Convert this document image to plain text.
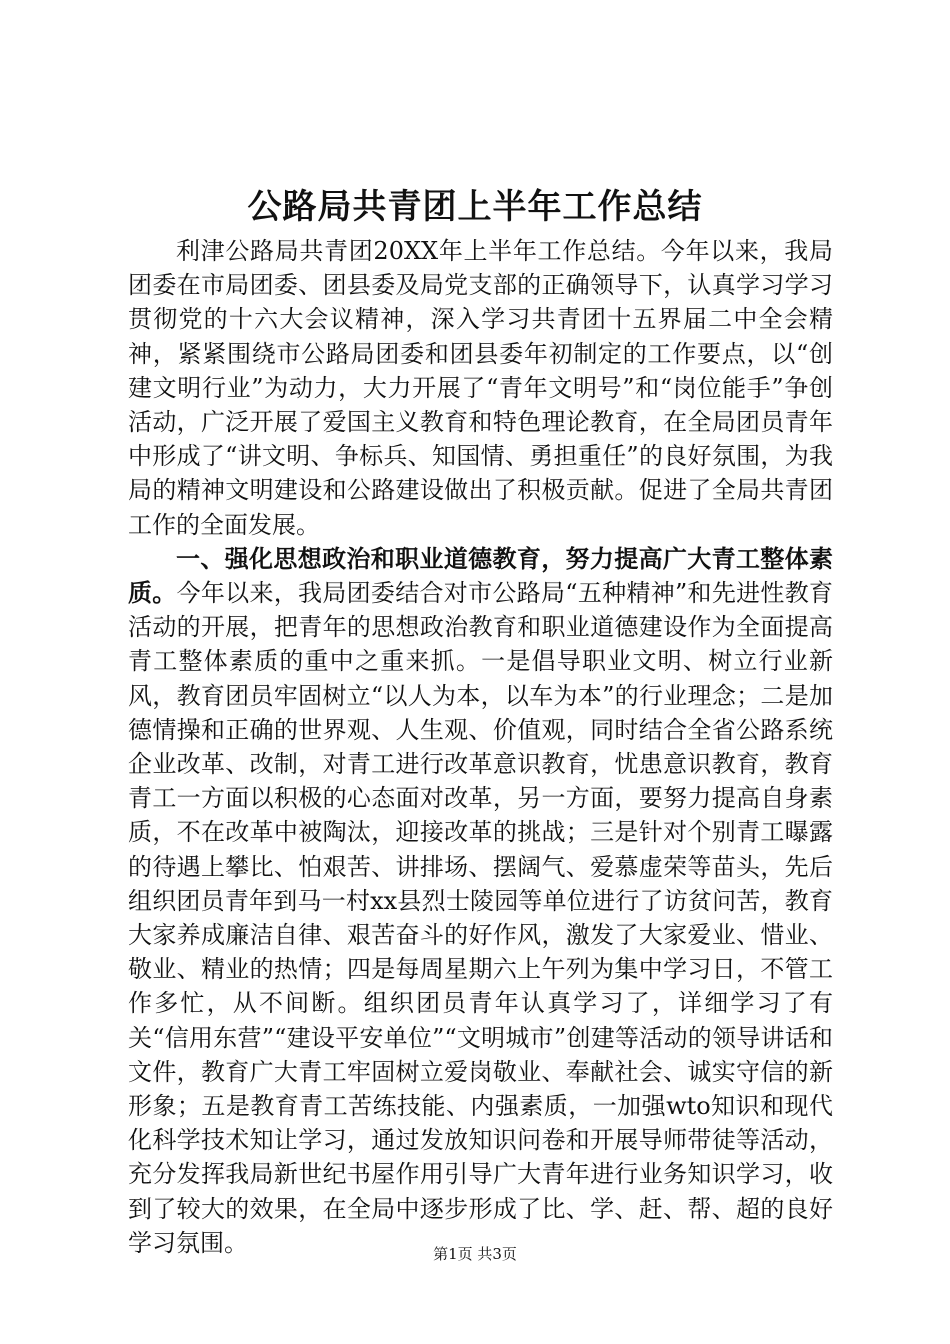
公路局共青团上半年工作总结

利津公路局共青团20XX年上半年工作总结。今年以来，我局团委在市局团委、团县委及局党支部的正确领导下，认真学习学习贯彻党的十六大会议精神，深入学习共青团十五界届二中全会精神，紧紧围绕市公路局团委和团县委年初制定的工作要点，以“创建文明行业”为动力，大力开展了“青年文明号”和“岗位能手”争创活动，广泛开展了爱国主义教育和特色理论教育，在全局团员青年中形成了“讲文明、争标兵、知国情、勇担重任”的良好氛围，为我局的精神文明建设和公路建设做出了积极贡献。促进了全局共青团工作的全面发展。

一、强化思想政治和职业道德教育，努力提高广大青工整体素质。今年以来，我局团委结合对市公路局“五种精神”和先进性教育活动的开展，把青年的思想政治教育和职业道德建设作为全面提高青工整体素质的重中之重来抓。一是倡导职业文明、树立行业新风，教育团员牢固树立“以人为本，以车为本”的行业理念；二是加德情操和正确的世界观、人生观、价值观，同时结合全省公路系统企业改革、改制，对青工进行改革意识教育，忧患意识教育，教育青工一方面以积极的心态面对改革，另一方面，要努力提高自身素质，不在改革中被陶汰，迎接改革的挑战；三是针对个别青工曝露的待遇上攀比、怕艰苦、讲排场、摆阔气、爱慕虚荣等苗头，先后组织团员青年到马一村xx县烈士陵园等单位进行了访贫问苦，教育大家养成廉洁自律、艰苦奋斗的好作风，激发了大家爱业、惜业、敬业、精业的热情；四是每周星期六上午列为集中学习日，不管工作多忙，从不间断。组织团员青年认真学习了，详细学习了有关“信用东营”“建设平安单位”“文明城市”创建等活动的领导讲话和文件，教育广大青工牢固树立爱岗敬业、奉献社会、诚实守信的新形象；五是教育青工苦练技能、内强素质，一加强wto知识和现代化科学技术知让学习，通过发放知识问卷和开展导师带徒等活动，充分发挥我局新世纪书屋作用引导广大青年进行业务知识学习，收到了较大的效果，在全局中逐步形成了比、学、赶、帮、超的良好学习氛围。	第1页 共3页
